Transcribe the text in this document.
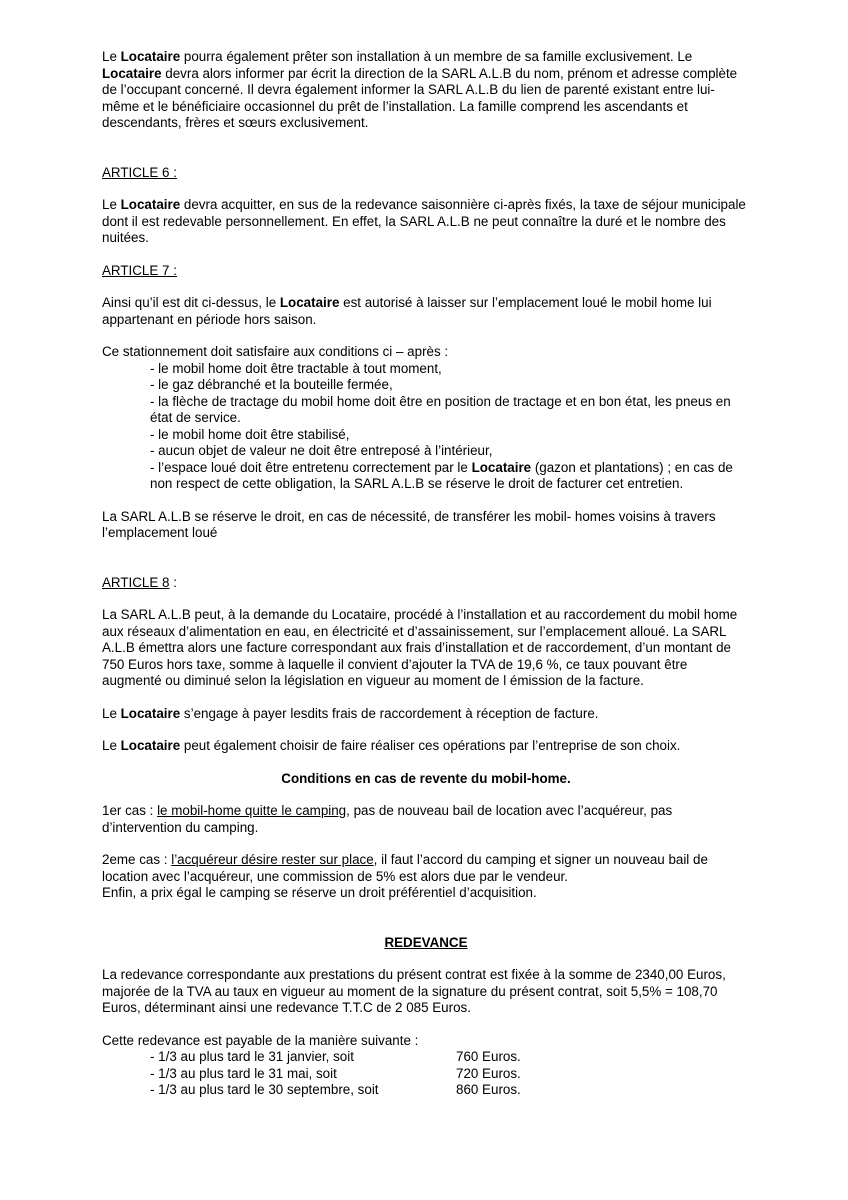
Le Locataire pourra également prêter son installation à un membre de sa famille exclusivement. Le Locataire devra alors informer par écrit la direction de la SARL A.L.B du nom, prénom et adresse complète de l’occupant concerné. Il devra également informer la SARL A.L.B du lien de parenté existant entre lui-même et le bénéficiaire occasionnel du prêt de l’installation. La famille comprend les ascendants et descendants, frères et sœurs exclusivement.

ARTICLE 6 :

Le Locataire devra acquitter, en sus de la redevance saisonnière ci-après fixés, la taxe de séjour municipale dont il est redevable personnellement. En effet, la SARL A.L.B ne peut connaître la duré et le nombre des nuitées.

ARTICLE 7 :

Ainsi qu’il est dit ci-dessus, le Locataire est autorisé à laisser sur l’emplacement loué le mobil home lui appartenant en période hors saison.

Ce stationnement doit satisfaire aux conditions ci – après :

- le mobil home doit être tractable à tout moment,
- le gaz débranché et la bouteille fermée,
- la flèche de tractage du mobil home doit être en position de tractage et en bon état, les pneus en état de service.
- le mobil home doit être stabilisé,
- aucun objet de valeur ne doit être entreposé à l’intérieur,
- l’espace loué doit être entretenu correctement par le Locataire (gazon et plantations) ; en cas de non respect de cette obligation, la SARL A.L.B se réserve le droit de facturer cet entretien.

La SARL A.L.B se réserve le droit, en cas de nécessité, de transférer les mobil- homes voisins à travers l’emplacement loué

ARTICLE 8 :

La SARL A.L.B peut, à la demande du Locataire, procédé à l’installation et au raccordement du mobil home aux réseaux d’alimentation en eau, en électricité et d’assainissement, sur l’emplacement alloué. La SARL A.L.B émettra alors une facture correspondant aux frais d’installation et de raccordement, d’un montant de 750 Euros hors taxe, somme à laquelle il convient d’ajouter la TVA de 19,6 %, ce taux pouvant être augmenté ou diminué selon la législation en vigueur au moment de l émission de la facture.

Le Locataire s’engage à payer lesdits frais de raccordement à réception de facture.

Le Locataire peut également choisir de faire réaliser ces opérations par l’entreprise de son choix.

Conditions en cas de revente du mobil-home.

1er cas : le mobil-home quitte le camping, pas de nouveau bail de location avec l’acquéreur, pas d’intervention du camping.

2eme cas : l’acquéreur désire rester sur place, il faut l’accord du camping et signer un nouveau bail de location avec l’acquéreur, une commission de 5% est alors due par le vendeur.

Enfin, a prix égal le camping se réserve un droit préférentiel d’acquisition.

REDEVANCE

La redevance correspondante aux prestations du présent contrat est fixée à la somme de 2340,00 Euros, majorée de la TVA au taux en vigueur au moment de la signature du présent contrat, soit 5,5% = 108,70 Euros, déterminant ainsi une redevance T.T.C de 2 085 Euros.

Cette redevance est payable de la manière suivante :

- 1/3 au plus tard le 31 janvier, soit	760 Euros.
- 1/3 au plus tard le 31 mai, soit	720 Euros.
- 1/3 au plus tard le 30 septembre, soit	860 Euros.
